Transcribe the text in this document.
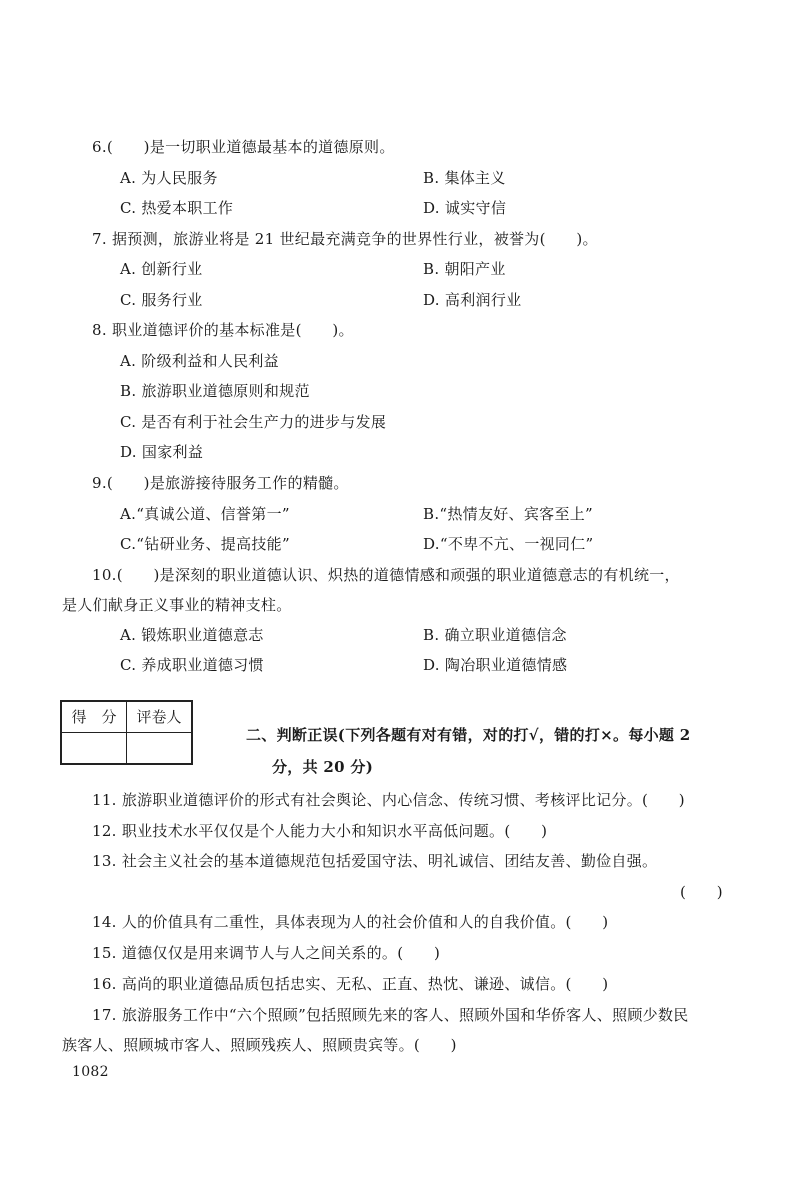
6.(　　)是一切职业道德最基本的道德原则。
A. 为人民服务	B. 集体主义
C. 热爱本职工作	D. 诚实守信
7. 据预测，旅游业将是 21 世纪最充满竞争的世界性行业，被誉为(　　)。
A. 创新行业	B. 朝阳产业
C. 服务行业	D. 高利润行业
8. 职业道德评价的基本标准是(　　)。
A. 阶级利益和人民利益
B. 旅游职业道德原则和规范
C. 是否有利于社会生产力的进步与发展
D. 国家利益
9.(　　)是旅游接待服务工作的精髓。
A.“真诚公道、信誉第一”	B.“热情友好、宾客至上”
C.“钻研业务、提高技能”	D.“不卑不亢、一视同仁”
10.(　　)是深刻的职业道德认识、炽热的道德情感和顽强的职业道德意志的有机统一，
是人们献身正义事业的精神支柱。
A. 锻炼职业道德意志	B. 确立职业道德信念
C. 养成职业道德习惯	D. 陶冶职业道德情感
得　分	评卷人

二、判断正误(下列各题有对有错，对的打√，错的打×。每小题 2
分，共 20 分)
11. 旅游职业道德评价的形式有社会舆论、内心信念、传统习惯、考核评比记分。(　　)
12. 职业技术水平仅仅是个人能力大小和知识水平高低问题。(　　)
13. 社会主义社会的基本道德规范包括爱国守法、明礼诚信、团结友善、勤俭自强。
(　　)
14. 人的价值具有二重性，具体表现为人的社会价值和人的自我价值。(　　)
15. 道德仅仅是用来调节人与人之间关系的。(　　)
16. 高尚的职业道德品质包括忠实、无私、正直、热忱、谦逊、诚信。(　　)
17. 旅游服务工作中“六个照顾”包括照顾先来的客人、照顾外国和华侨客人、照顾少数民
族客人、照顾城市客人、照顾残疾人、照顾贵宾等。(　　)
1082
